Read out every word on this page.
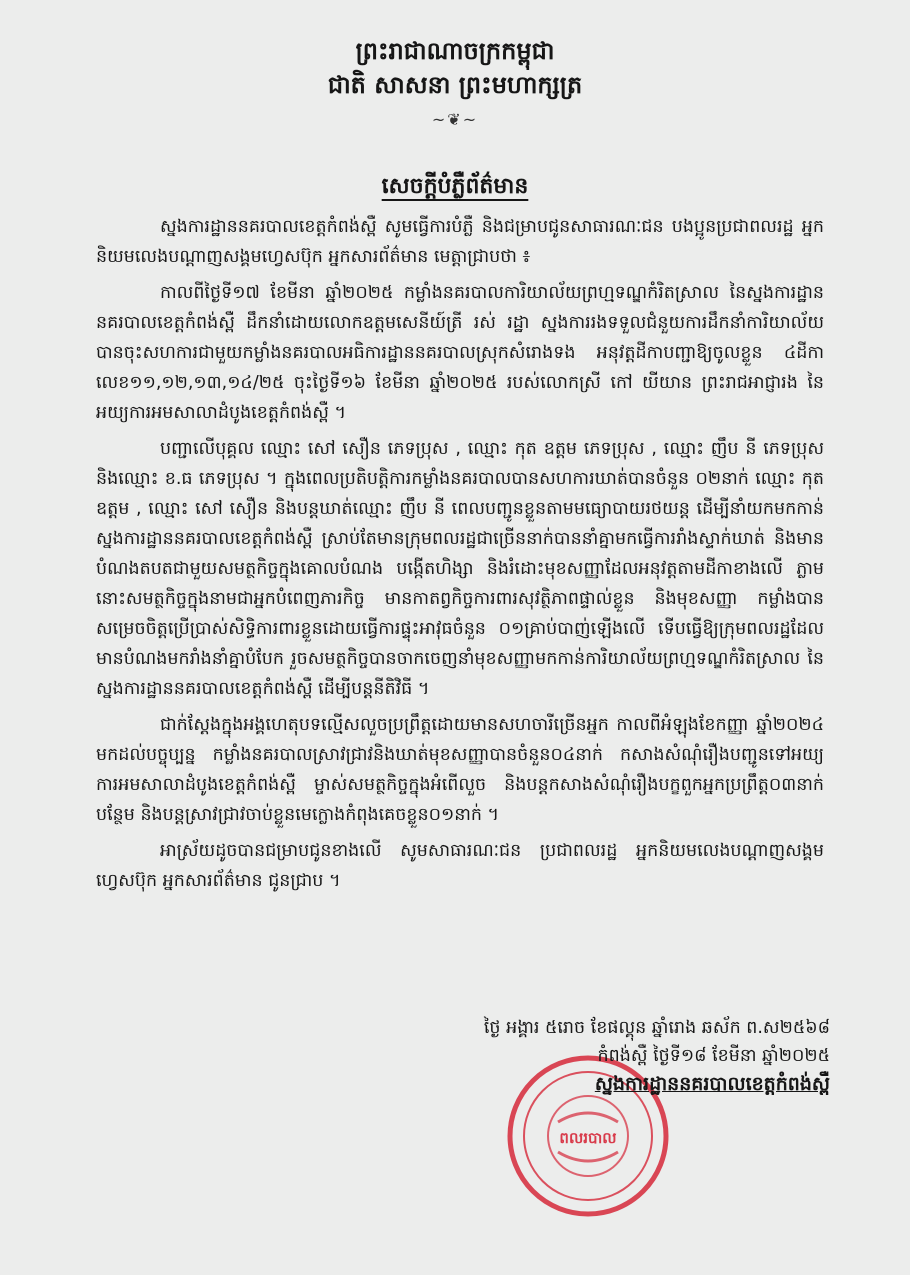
ព្រះរាជាណាចក្រកម្ពុជា
ជាតិ សាសនា ព្រះមហាក្សត្រ
~❦~
សេចក្តីបំភ្លឺព័ត៌មាន

ស្នងការដ្ឋាននគរបាលខេត្តកំពង់ស្ពឺ សូមធ្វើការបំភ្លឺ និងជម្រាបជូនសាធារណៈជន បងប្អូនប្រជាពលរដ្ឋ អ្នកនិយមលេងបណ្តាញសង្គមហ្វេសប៊ុក អ្នកសារព័ត៌មាន មេត្តាជ្រាបថា ៖

កាលពីថ្ងៃទី១៧ ខែមីនា ឆ្នាំ២០២៥ កម្លាំងនគរបាលការិយាល័យព្រហ្មទណ្ឌកំរិតស្រាល នៃស្នងការដ្ឋាននគរបាលខេត្តកំពង់ស្ពឺ ដឹកនាំដោយលោកឧត្តមសេនីយ៍ត្រី រស់ រដ្ឋា ស្នងការរងទទួលជំនួយការដឹកនាំការិយាល័យ បានចុះសហការជាមួយកម្លាំងនគរបាលអធិការដ្ឋាននគរបាលស្រុកសំរោងទង អនុវត្តដីកាបញ្ជាឱ្យចូលខ្លួន ៤ដីកា លេខ១១,១២,១៣,១៤/២៥ ចុះថ្ងៃទី១៦ ខែមីនា ឆ្នាំ២០២៥ របស់លោកស្រី កៅ យីយាន ព្រះរាជអាជ្ញារង នៃអយ្យការអមសាលាដំបូងខេត្តកំពង់ស្ពឺ ។

បញ្ជាលើបុគ្គល ឈ្មោះ សៅ សឿន ភេទប្រុស , ឈ្មោះ កុត ឧត្តម ភេទប្រុស , ឈ្មោះ ញឹប នី ភេទប្រុស និងឈ្មោះ ខ.ធ ភេទប្រុស ។ ក្នុងពេលប្រតិបត្តិការកម្លាំងនគរបាលបានសហការឃាត់បានចំនួន ០២នាក់ ឈ្មោះ កុត ឧត្តម , ឈ្មោះ សៅ សឿន និងបន្តឃាត់ឈ្មោះ ញឹប នី ពេលបញ្ជូនខ្លួនតាមមធ្យោបាយរថយន្ត ដើម្បីនាំយកមកកាន់ស្នងការដ្ឋាននគរបាលខេត្តកំពង់ស្ពឺ ស្រាប់តែមានក្រុមពលរដ្ឋជាច្រើននាក់បាននាំគ្នាមកធ្វើការរាំងស្ទាក់ឃាត់ និងមានបំណងតបតជាមួយសមត្ថកិច្ចក្នុងគោលបំណង បង្កើតហិង្សា និងរំដោះមុខសញ្ញាដែលអនុវត្តតាមដីកាខាងលើ ភ្លាមនោះសមត្ថកិច្ចក្នុងនាមជាអ្នកបំពេញភារកិច្ច មានកាតព្វកិច្ចការពារសុវត្ថិភាពផ្ទាល់ខ្លួន និងមុខសញ្ញា កម្លាំងបានសម្រេចចិត្តប្រើប្រាស់សិទ្ធិការពារខ្លួនដោយធ្វើការផ្ទុះអាវុធចំនួន ០១គ្រាប់បាញ់ឡើងលើ ទើបធ្វើឱ្យក្រុមពលរដ្ឋដែលមានបំណងមករាំងនាំគ្នាបំបែក រួចសមត្ថកិច្ចបានចាកចេញនាំមុខសញ្ញាមកកាន់ការិយាល័យព្រហ្មទណ្ឌកំរិតស្រាល នៃស្នងការដ្ឋាននគរបាលខេត្តកំពង់ស្ពឺ ដើម្បីបន្តនីតិវិធី ។

ជាក់ស្តែងក្នុងអង្គហេតុបទល្មើសលួចប្រព្រឹត្តដោយមានសហចារីច្រើនអ្នក កាលពីអំឡុងខែកញ្ញា ឆ្នាំ២០២៤ មកដល់បច្ចុប្បន្ន កម្លាំងនគរបាលស្រាវជ្រាវនិងឃាត់មុខសញ្ញាបានចំនួន០៤នាក់ កសាងសំណុំរឿងបញ្ជូនទៅអយ្យការអមសាលាដំបូងខេត្តកំពង់ស្ពឺ ម្ចាស់សមត្ថកិច្ចក្នុងអំពើលួច និងបន្តកសាងសំណុំរឿងបក្ខពួកអ្នកប្រព្រឹត្ត០៣នាក់បន្ថែម និងបន្តស្រាវជ្រាវចាប់ខ្លួនមេក្លោងកំពុងគេចខ្លួន០១នាក់ ។

អាស្រ័យដូចបានជម្រាបជូនខាងលើ សូមសាធារណៈជន ប្រជាពលរដ្ឋ អ្នកនិយមលេងបណ្តាញសង្គមហ្វេសប៊ុក អ្នកសារព័ត៌មាន ជូនជ្រាប ។

ពលរបាល
ថ្ងៃ អង្គារ ៥រោច ខែផល្គុន ឆ្នាំរោង ឆស័ក ព.ស២៥៦៨
កំពង់ស្ពឺ ថ្ងៃទី១៨ ខែមីនា ឆ្នាំ២០២៥
ស្នងការដ្ឋាននគរបាលខេត្តកំពង់ស្ពឺ
